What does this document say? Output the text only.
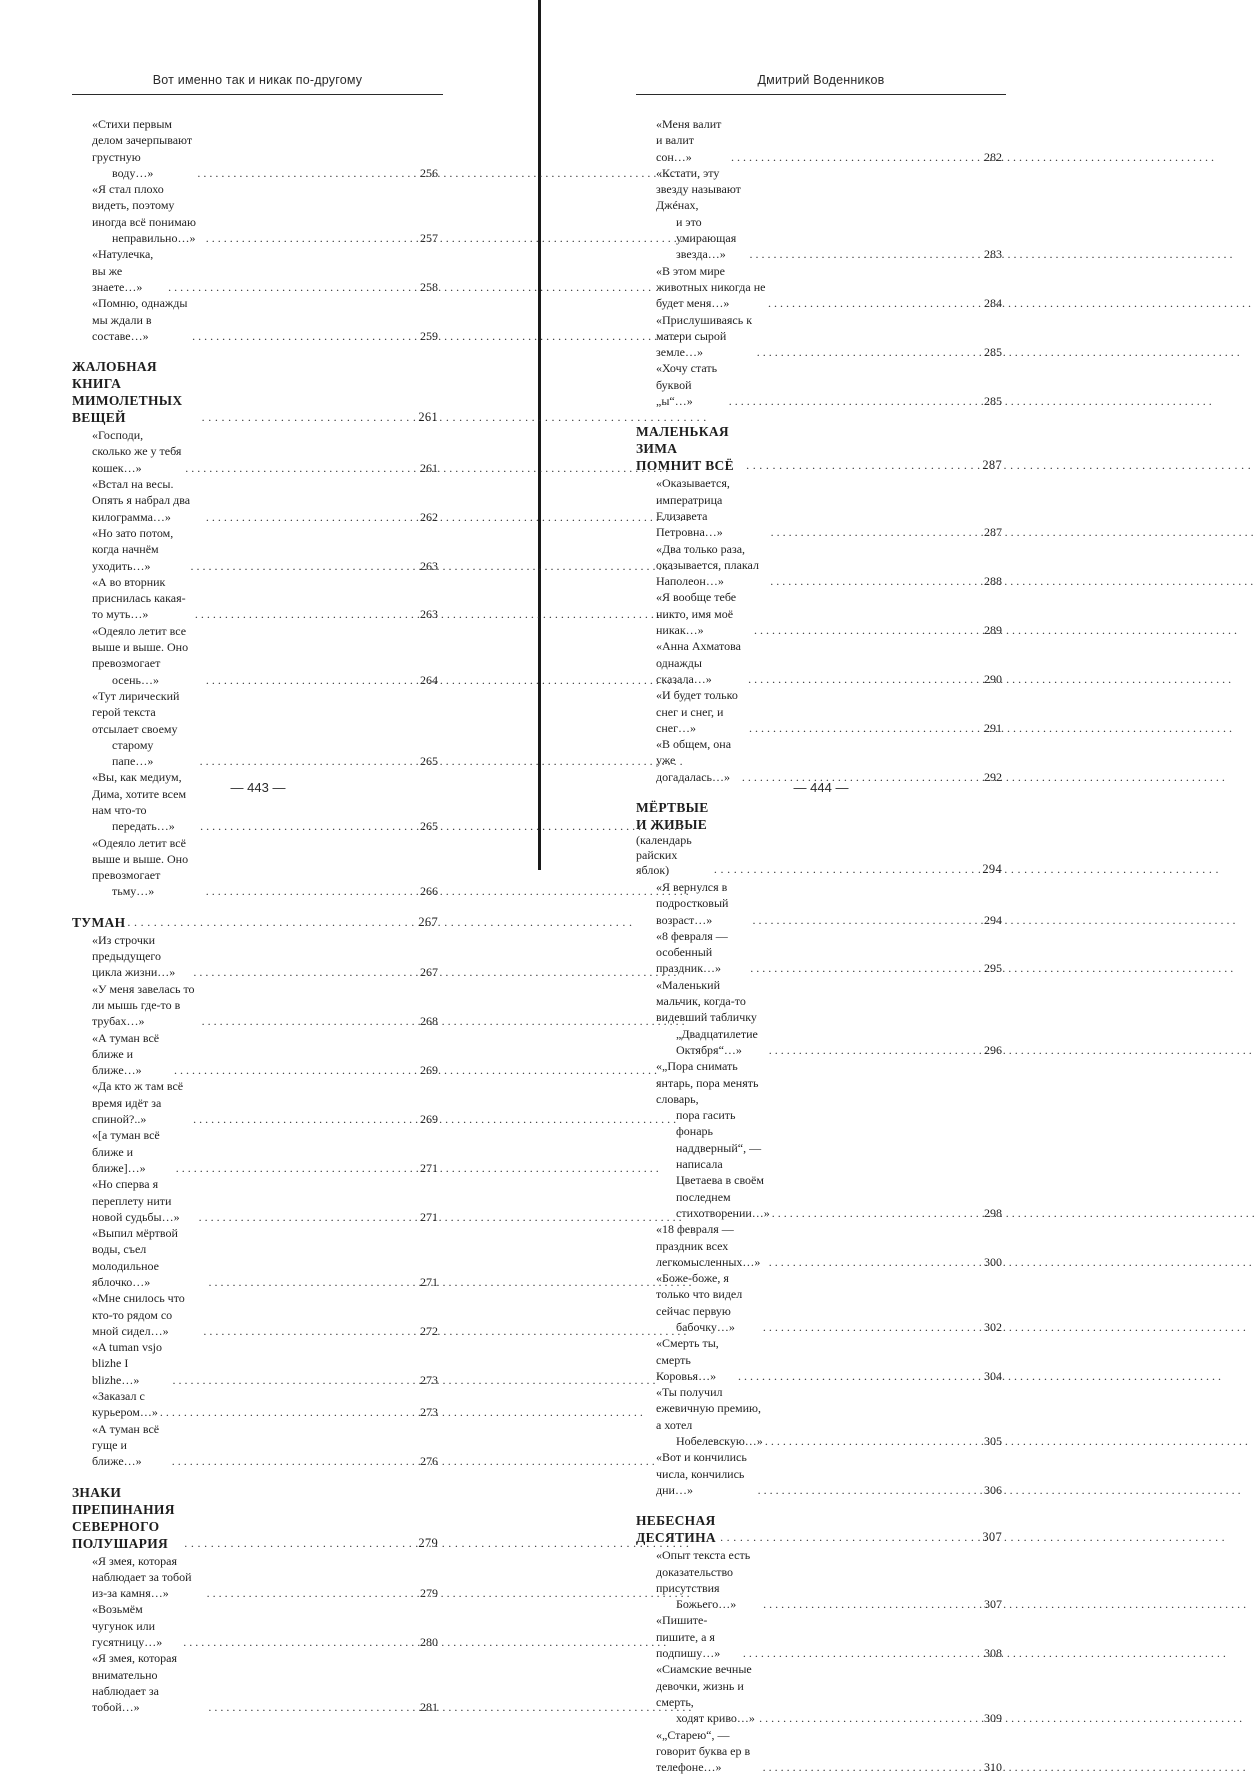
Вот именно так и никак по-другому
«Стихи первым делом зачерпывают грустную
воду…» . . .	256
«Я стал плохо видеть, поэтому иногда всё понимаю
неправильно…» . . .	257
«Натулечка, вы же знаете…» . . .	258
«Помню, однажды мы ждали в составе…» . . .	259
ЖАЛОБНАЯ КНИГА МИМОЛЕТНЫХ ВЕЩЕЙ . . .	261
«Господи, сколько же у тебя кошек…» . . .	261
«Встал на весы. Опять я набрал два килограмма…» . . .	262
«Но зато потом, когда начнём уходить…» . . .	263
«А во вторник приснилась какая-то муть…» . . .	263
«Одеяло летит все выше и выше. Оно превозмогает
осень…» . . .	264
«Тут лирический герой текста отсылает своему
старому папе…» . . .	265
«Вы, как медиум, Дима, хотите всем нам что-то
передать…» . . .	265
«Одеяло летит всё выше и выше. Оно превозмогает
тьму…» . . .	266
ТУМАН . . .	267
«Из строчки предыдущего цикла жизни…» . . .	267
«У меня завелась то ли мышь где-то в трубах…» . . .	268
«А туман всё ближе и ближе…» . . .	269
«Да кто ж там всё время идёт за спиной?..» . . .	269
«[а туман всё ближе и ближе]…» . . .	271
«Но сперва я переплету нити новой судьбы…» . . .	271
«Выпил мёртвой воды, съел молодильное яблочко…» . . .	271
«Мне снилось что кто-то рядом со мной сидел…» . . .	272
«A tuman vsjo blizhe I blizhe…» . . .	273
«Заказал с курьером…» . . .	273
«А туман всё гуще и ближе…» . . .	276
ЗНАКИ ПРЕПИНАНИЯ СЕВЕРНОГО
ПОЛУШАРИЯ . . .	279
«Я змея, которая наблюдает за тобой из-за камня…» . . .	279
«Возьмём чугунок или гусятницу…» . . .	280
«Я змея, которая внимательно наблюдает за тобой…» . . .	281
— 443 —
Дмитрий Воденников
«Меня валит и валит сон…» . . .	282
«Кстати, эту звезду называют Джéнах,
и это умирающая звезда…» . . .	283
«В этом мире животных никогда не будет меня…» . . .	284
«Прислушиваясь к матери сырой земле…» . . .	285
«Хочу стать буквой „ы“…» . . .	285
МАЛЕНЬКАЯ ЗИМА ПОМНИТ ВСЁ . . .	287
«Оказывается, императрица Елизавета Петровна…» . . .	287
«Два только раза, оказывается, плакал Наполеон…» . . .	288
«Я вообще тебе никто, имя моё никак…» . . .	289
«Анна Ахматова однажды сказала…» . . .	290
«И будет только снег и снег, и снег…» . . .	291
«В общем, она уже догадалась…» . . .	292
МЁРТВЫЕ И ЖИВЫЕ
(календарь райских яблок) . . .	294
«Я вернулся в подростковый возраст…» . . .	294
«8 февраля — особенный праздник…» . . .	295
«Маленький мальчик, когда-то видевший табличку
„Двадцатилетие Октября“…» . . .	296
«„Пора снимать янтарь, пора менять словарь,
пора гасить фонарь наддверный“, — написала
Цветаева в своём последнем стихотворении…» . . .	298
«18 февраля — праздник всех легкомысленных…» . . .	300
«Боже-боже, я только что видел сейчас первую
бабочку…» . . .	302
«Смерть ты, смерть Коровья…» . . .	304
«Ты получил ежевичную премию, а хотел
Нобелевскую…» . . .	305
«Вот и кончились числа, кончились дни…» . . .	306
НЕБЕСНАЯ ДЕСЯТИНА . . .	307
«Опыт текста есть доказательство присутствия
Божьего…» . . .	307
«Пишите-пишите, а я подпишу…» . . .	308
«Сиамские вечные девочки, жизнь и смерть,
ходят криво…» . . .	309
«„Старею“, — говорит буква ер в телефоне…» . . .	310
— 444 —
